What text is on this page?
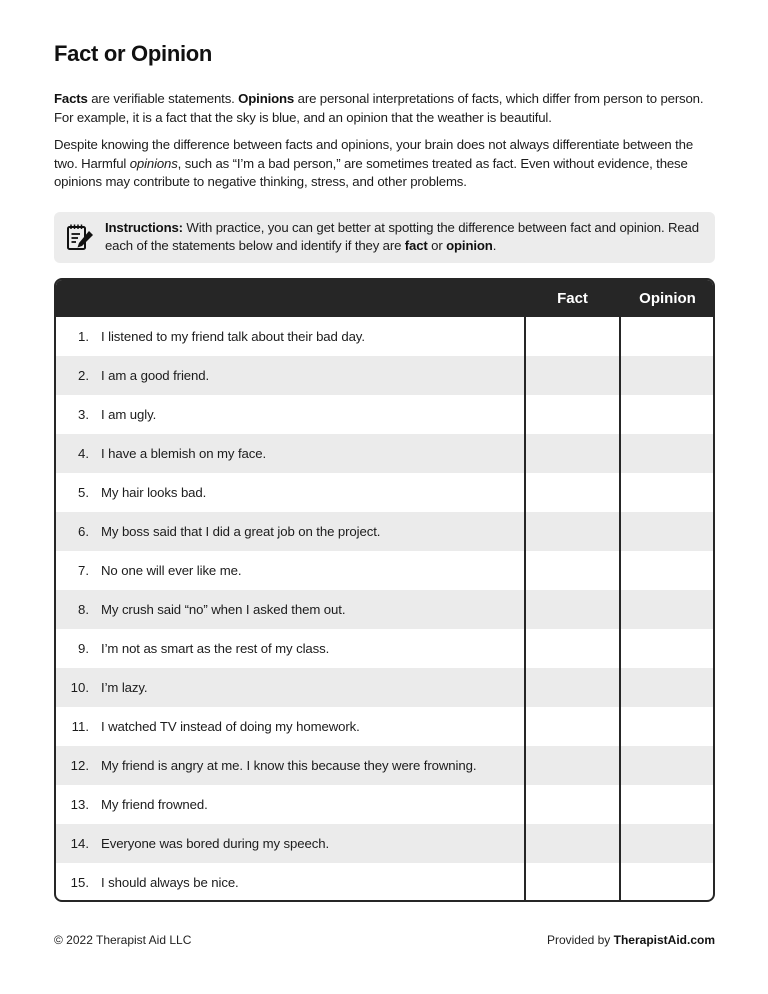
Fact or Opinion

Facts are verifiable statements. Opinions are personal interpretations of facts, which differ from person to person. For example, it is a fact that the sky is blue, and an opinion that the weather is beautiful.

Despite knowing the difference between facts and opinions, your brain does not always differentiate between the two. Harmful opinions, such as “I’m a bad person,” are sometimes treated as fact. Even without evidence, these opinions may contribute to negative thinking, stress, and other problems.

Instructions: With practice, you can get better at spotting the difference between fact and opinion. Read each of the statements below and identify if they are fact or opinion.
Fact	Opinion
1. I listened to my friend talk about their bad day.
2. I am a good friend.
3. I am ugly.
4. I have a blemish on my face.
5. My hair looks bad.
6. My boss said that I did a great job on the project.
7. No one will ever like me.
8. My crush said “no” when I asked them out.
9. I’m not as smart as the rest of my class.
10. I’m lazy.
11. I watched TV instead of doing my homework.
12. My friend is angry at me. I know this because they were frowning.
13. My friend frowned.
14. Everyone was bored during my speech.
15. I should always be nice.
© 2022 Therapist Aid LLC	Provided by TherapistAid.com
